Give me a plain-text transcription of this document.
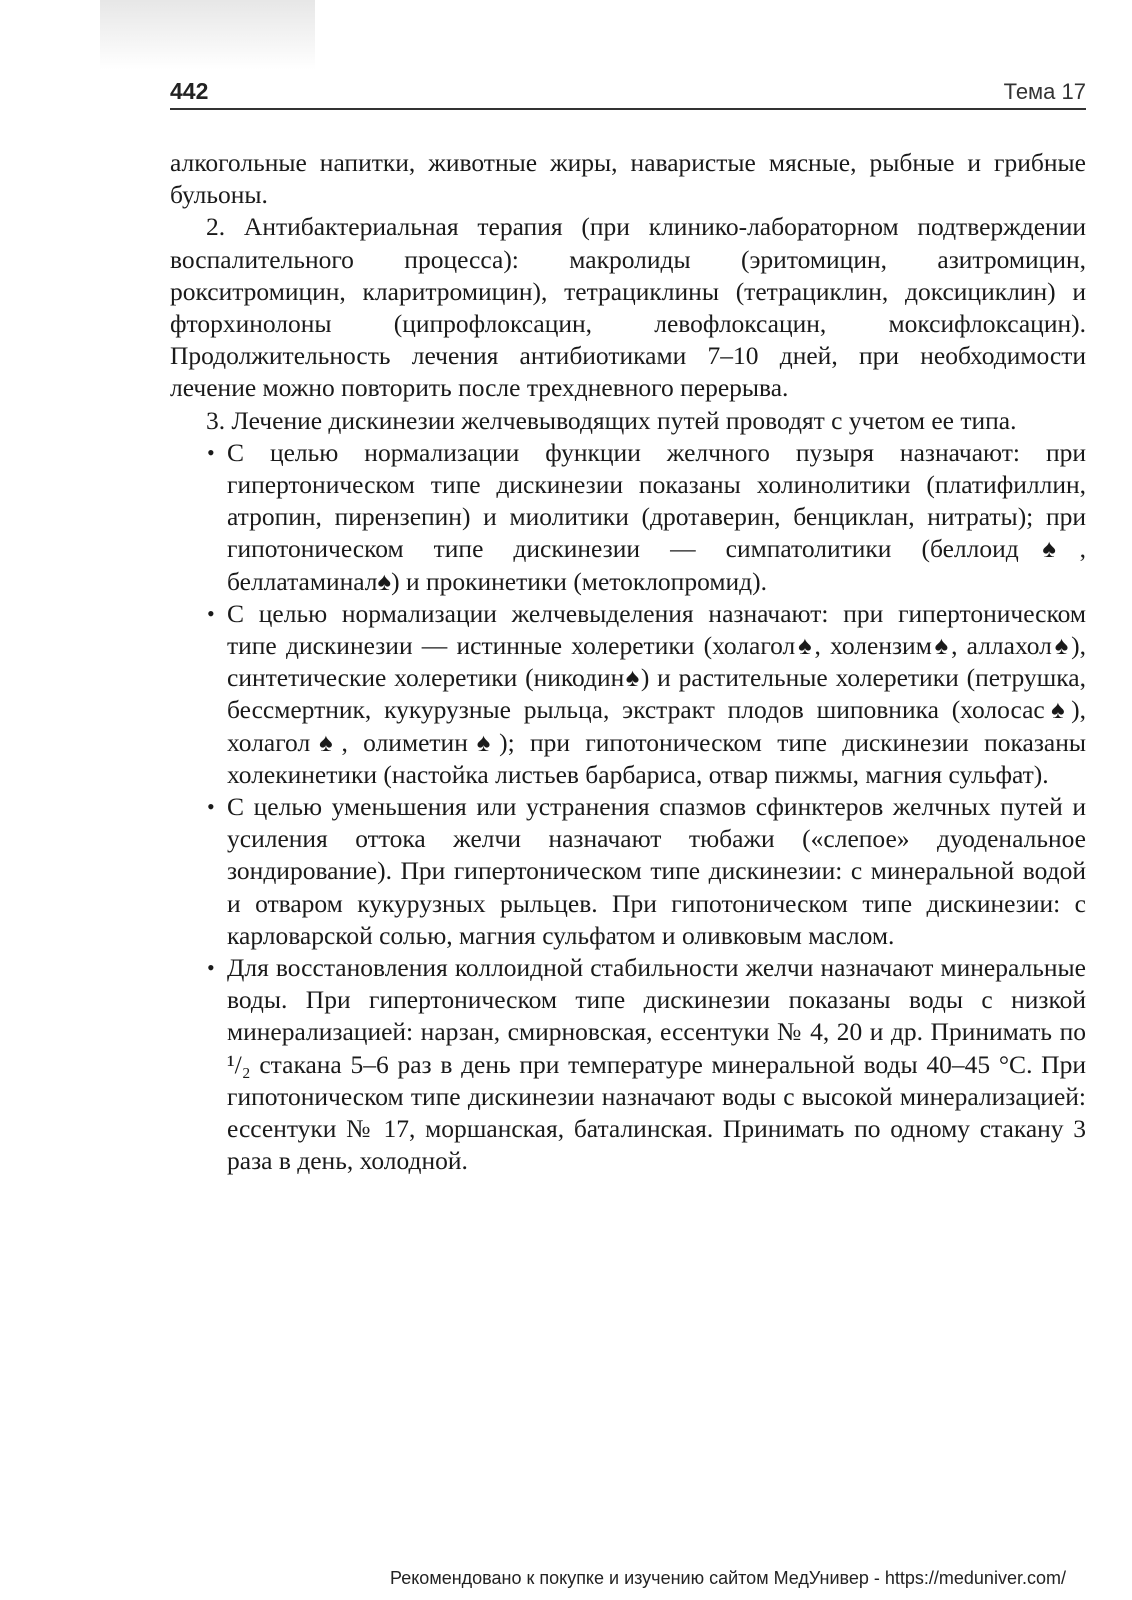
442	Тема 17

алкогольные напитки, животные жиры, наваристые мясные, рыбные и грибные бульоны.

2. Антибактериальная терапия (при клинико-лабораторном подтверждении воспалительного процесса): макролиды (эритомицин, азитромицин, рокситромицин, кларитромицин), тетрациклины (тетрациклин, доксициклин) и фторхинолоны (ципрофлоксацин, левофлоксацин, моксифлоксацин). Продолжительность лечения антибиотиками 7–10 дней, при необходимости лечение можно повторить после трехдневного перерыва.

3. Лечение дискинезии желчевыводящих путей проводят с учетом ее типа.

• С целью нормализации функции желчного пузыря назначают: при гипертоническом типе дискинезии показаны холинолитики (платифиллин, атропин, пирензепин) и миолитики (дротаверин, бенциклан, нитраты); при гипотоническом типе дискинезии — симпатолитики (беллоид♠, беллатаминал♠) и прокинетики (метоклопромид).
• С целью нормализации желчевыделения назначают: при гипертоническом типе дискинезии — истинные холеретики (холагол♠, холензим♠, аллахол♠), синтетические холеретики (никодин♠) и растительные холеретики (петрушка, бессмертник, кукурузные рыльца, экстракт плодов шиповника (холосас♠), холагол♠, олиметин♠); при гипотоническом типе дискинезии показаны холекинетики (настойка листьев барбариса, отвар пижмы, магния сульфат).
• С целью уменьшения или устранения спазмов сфинктеров желчных путей и усиления оттока желчи назначают тюбажи («слепое» дуоденальное зондирование). При гипертоническом типе дискинезии: с минеральной водой и отваром кукурузных рыльцев. При гипотоническом типе дискинезии: с карловарской солью, магния сульфатом и оливковым маслом.
• Для восстановления коллоидной стабильности желчи назначают минеральные воды. При гипертоническом типе дискинезии показаны воды с низкой минерализацией: нарзан, смирновская, ессентуки № 4, 20 и др. Принимать по ¹/₂ стакана 5–6 раз в день при температуре минеральной воды 40–45 °С. При гипотоническом типе дискинезии назначают воды с высокой минерализацией: ессентуки № 17, моршанская, баталинская. Принимать по одному стакану 3 раза в день, холодной.
Рекомендовано к покупке и изучению сайтом МедУнивер - https://meduniver.com/
